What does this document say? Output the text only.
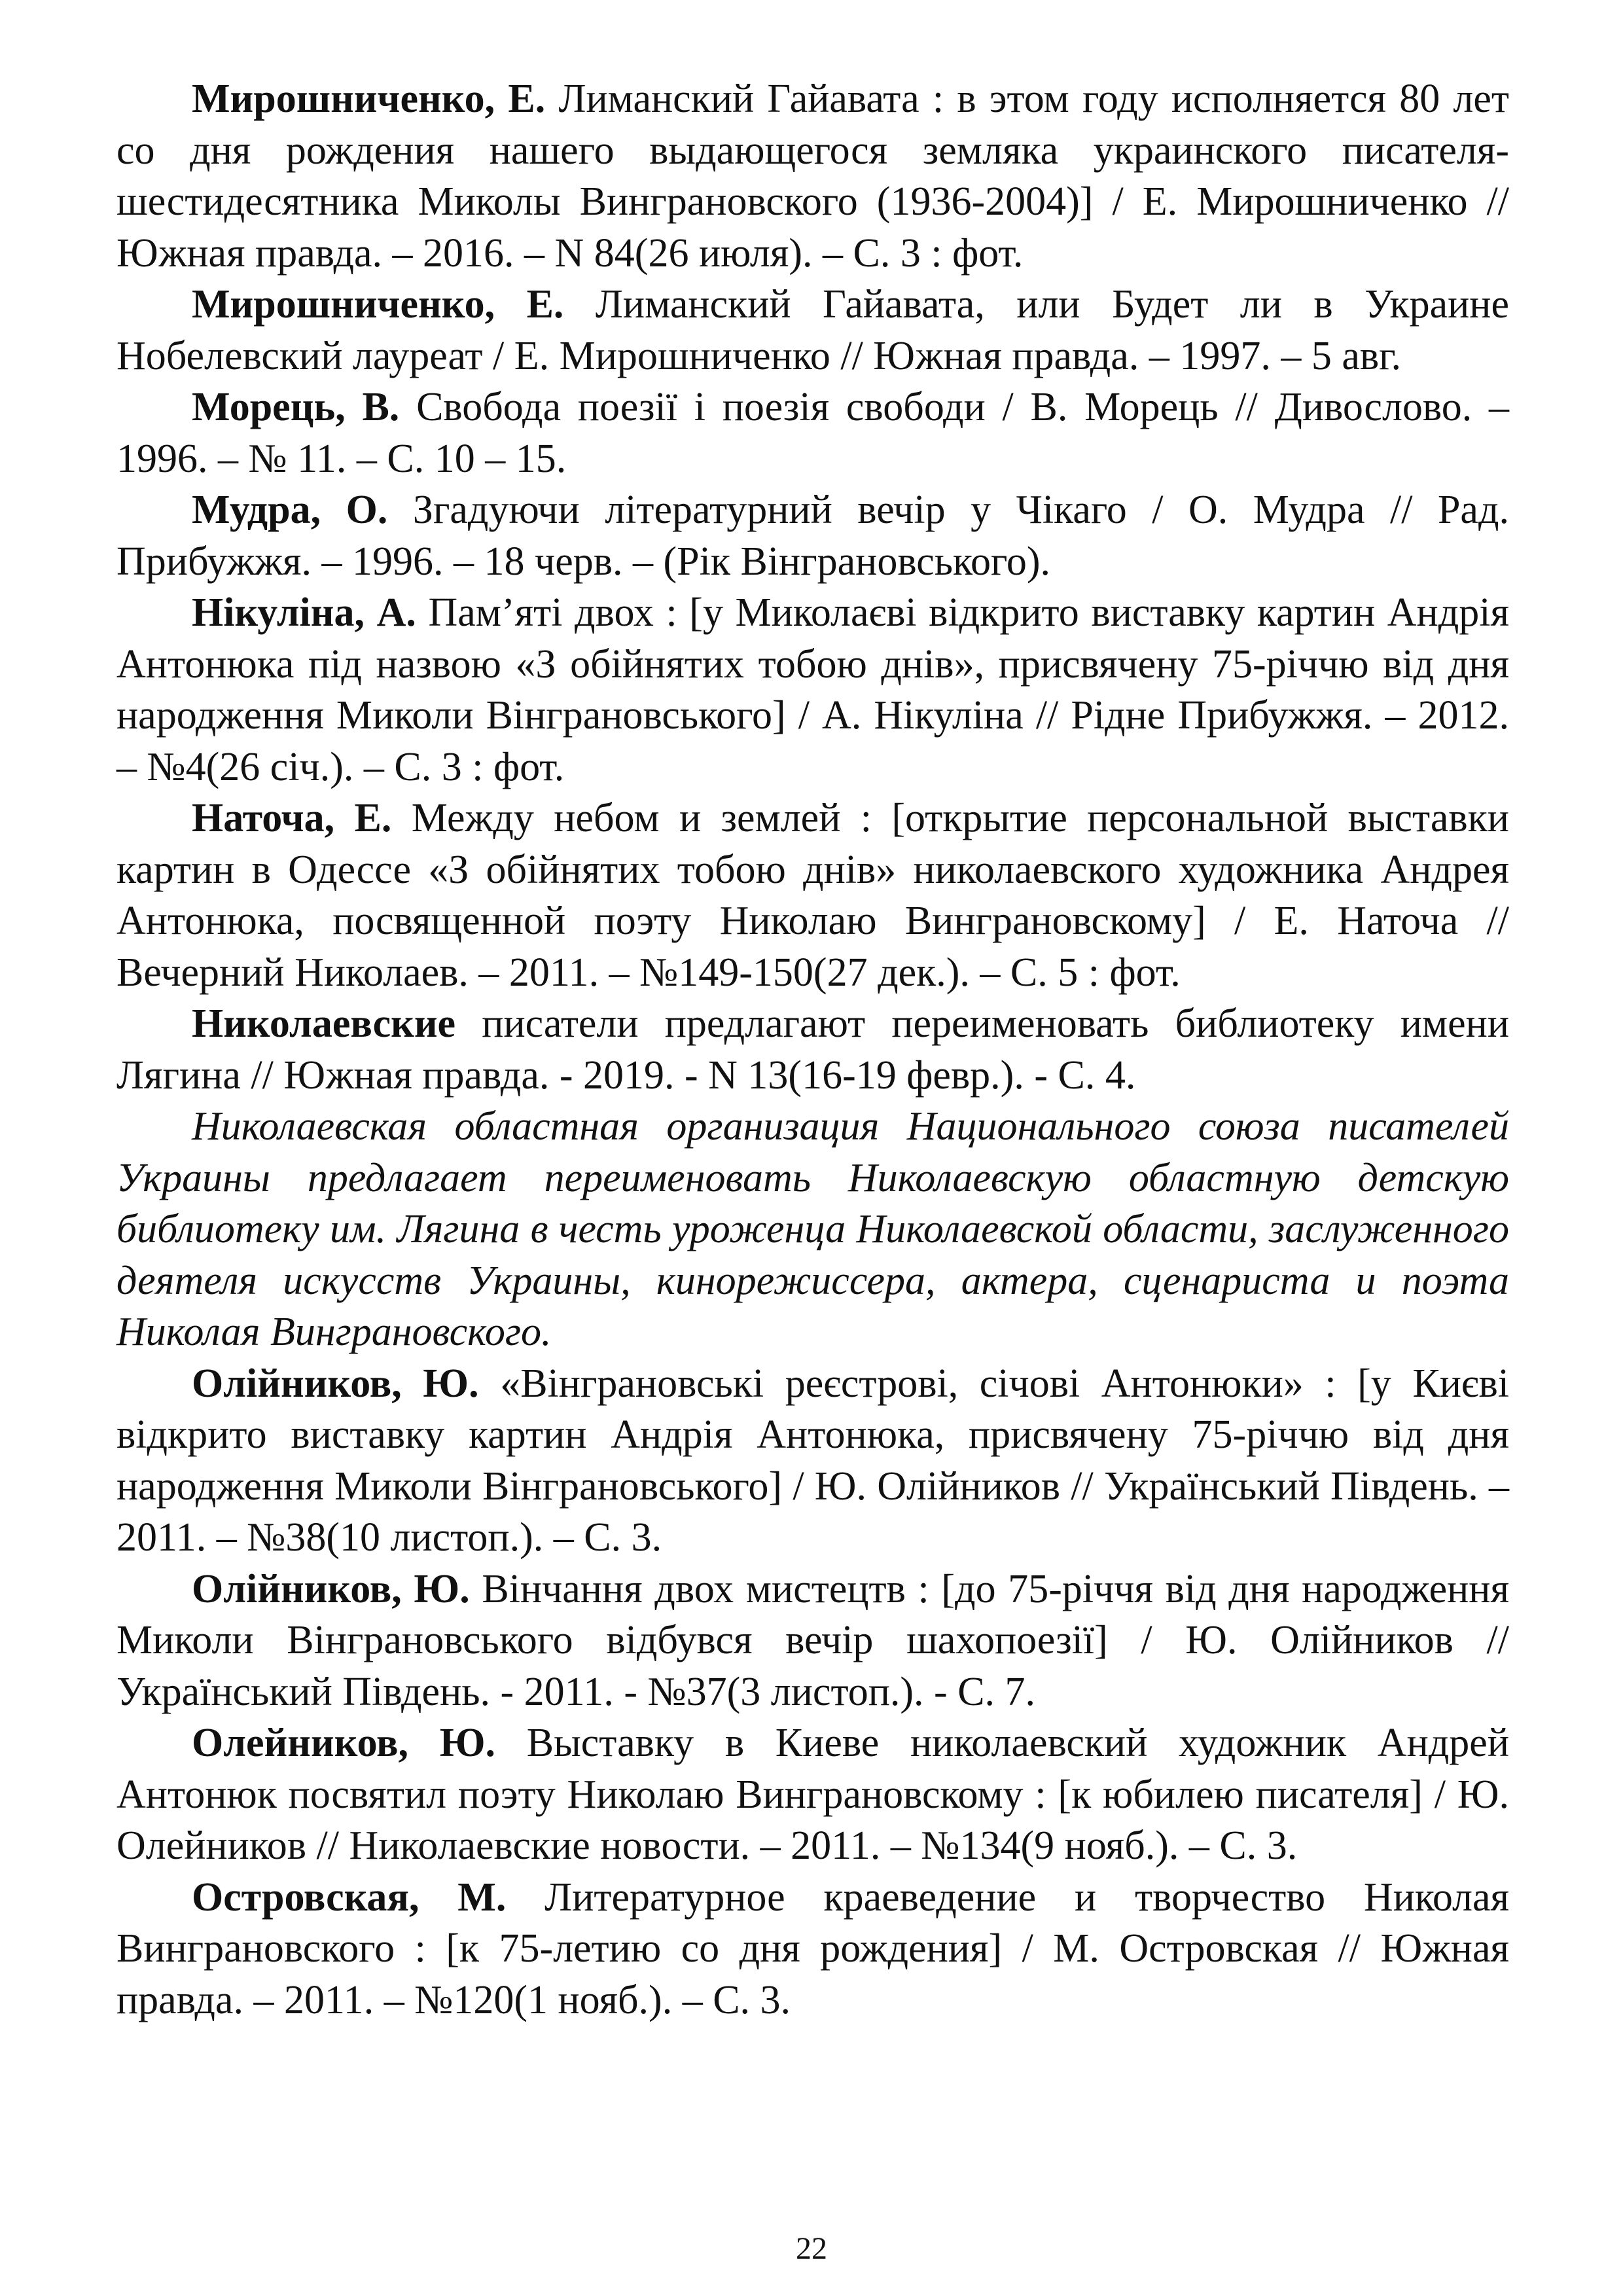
Мирошниченко, Е. Лиманский Гайавата : в этом году исполняется 80 лет со дня рождения нашего выдающегося земляка украинского писателя-шестидесятника Миколы Винграновского (1936-2004)] / Е. Мирошниченко // Южная правда. – 2016. – N 84(26 июля). – С. 3 : фот.

Мирошниченко, Е. Лиманский Гайавата, или Будет ли в Украине Нобелевский лауреат / Е. Мирошниченко // Южная правда. – 1997. – 5 авг.

Морець, В. Свобода поезії і поезія свободи / В. Морець // Дивослово. – 1996. – № 11. – С. 10 – 15.

Мудра, О. Згадуючи літературний вечір у Чікаго / О. Мудра // Рад. Прибужжя. – 1996. – 18 черв. – (Рік Вінграновського).

Нікуліна, А. Пам’яті двох : [у Миколаєві відкрито виставку картин Андрія Антонюка під назвою «З обійнятих тобою днів», присвячену 75-річчю від дня народження Миколи Вінграновського] / А. Нікуліна // Рідне Прибужжя. – 2012. – №4(26 січ.). – С. 3 : фот.

Наточа, Е. Между небом и землей : [открытие персональной выставки картин в Одессе «З обійнятих тобою днів» николаевского художника Андрея Антонюка, посвященной поэту Николаю Винграновскому] / Е. Наточа // Вечерний Николаев. – 2011. – №149-150(27 дек.). – С. 5 : фот.

Николаевские писатели предлагают переименовать библиотеку имени Лягина // Южная правда. - 2019. - N 13(16-19 февр.). - С. 4.

Николаевская областная организация Национального союза писателей Украины предлагает переименовать Николаевскую областную детскую библиотеку им. Лягина в честь уроженца Николаевской области, заслуженного деятеля искусств Украины, кинорежиссера, актера, сценариста и поэта Николая Винграновского.

Олійников, Ю. «Вінграновські реєстрові, січові Антонюки» : [у Києві відкрито виставку картин Андрія Антонюка, присвячену 75-річчю від дня народження Миколи Вінграновського] / Ю. Олійников // Український Південь. – 2011. – №38(10 листоп.). – С. 3.

Олійников, Ю. Вінчання двох мистецтв : [до 75-річчя від дня народження Миколи Вінграновського відбувся вечір шахопоезії] / Ю. Олійников // Український Південь. - 2011. - №37(3 листоп.). - С. 7.

Олейников, Ю. Выставку в Киеве николаевский художник Андрей Антонюк посвятил поэту Николаю Винграновскому : [к юбилею писателя] / Ю. Олейников // Николаевские новости. – 2011. – №134(9 нояб.). – С. 3.

Островская, М. Литературное краеведение и творчество Николая Винграновского : [к 75-летию со дня рождения] / М. Островская // Южная правда. – 2011. – №120(1 нояб.). – С. 3.

22
